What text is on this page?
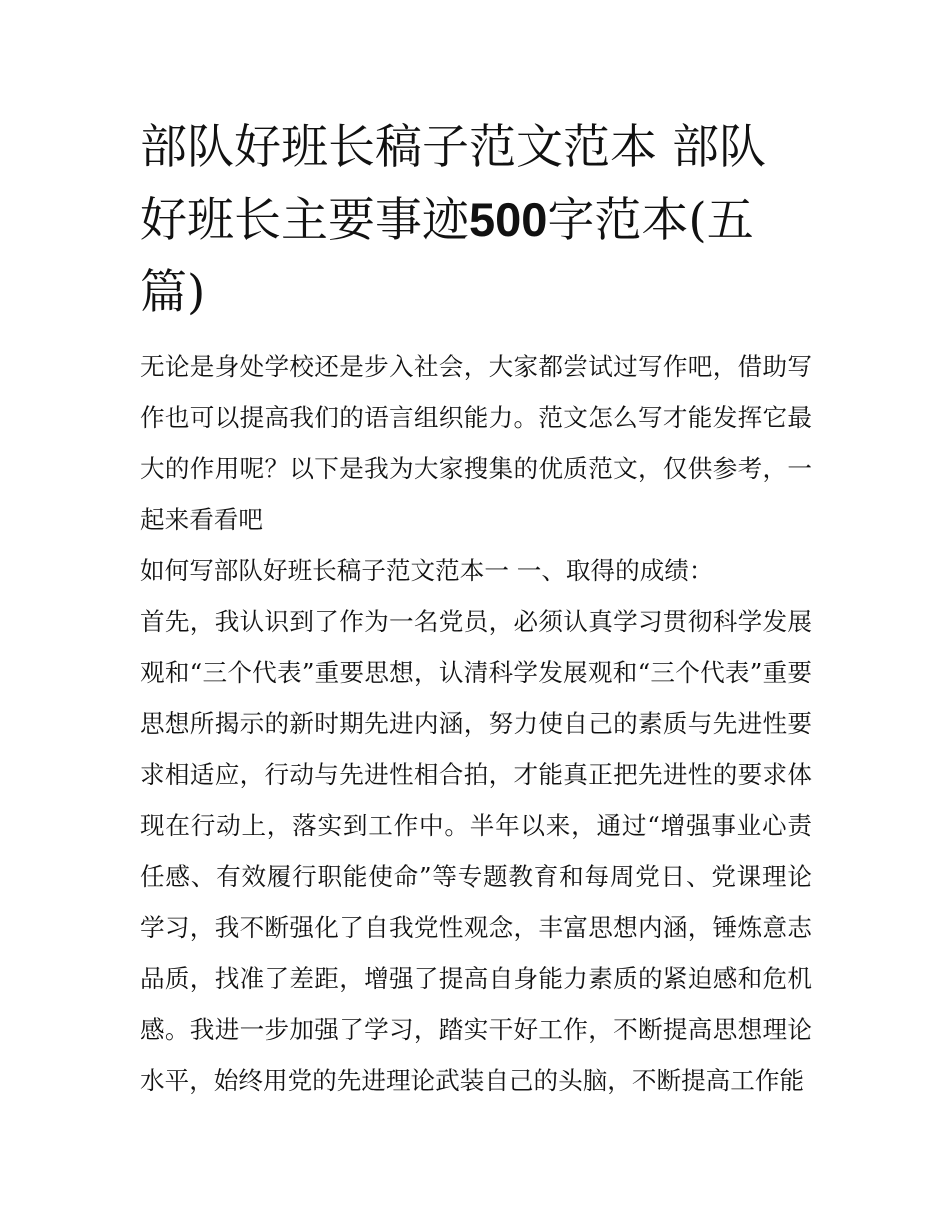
部队好班长稿子范文范本 部队好班长主要事迹500字范本(五篇)

无论是身处学校还是步入社会，大家都尝试过写作吧，借助写作也可以提高我们的语言组织能力。范文怎么写才能发挥它最大的作用呢？以下是我为大家搜集的优质范文，仅供参考，一起来看看吧

如何写部队好班长稿子范文范本一 一、取得的成绩：

首先，我认识到了作为一名党员，必须认真学习贯彻科学发展观和“三个代表”重要思想，认清科学发展观和“三个代表”重要思想所揭示的新时期先进内涵，努力使自己的素质与先进性要求相适应，行动与先进性相合拍，才能真正把先进性的要求体现在行动上，落实到工作中。半年以来，通过“增强事业心责任感、有效履行职能使命”等专题教育和每周党日、党课理论学习，我不断强化了自我党性观念，丰富思想内涵，锤炼意志品质，找准了差距，增强了提高自身能力素质的紧迫感和危机感。我进一步加强了学习，踏实干好工作，不断提高思想理论水平，始终用党的先进理论武装自己的头脑，不断提高工作能
